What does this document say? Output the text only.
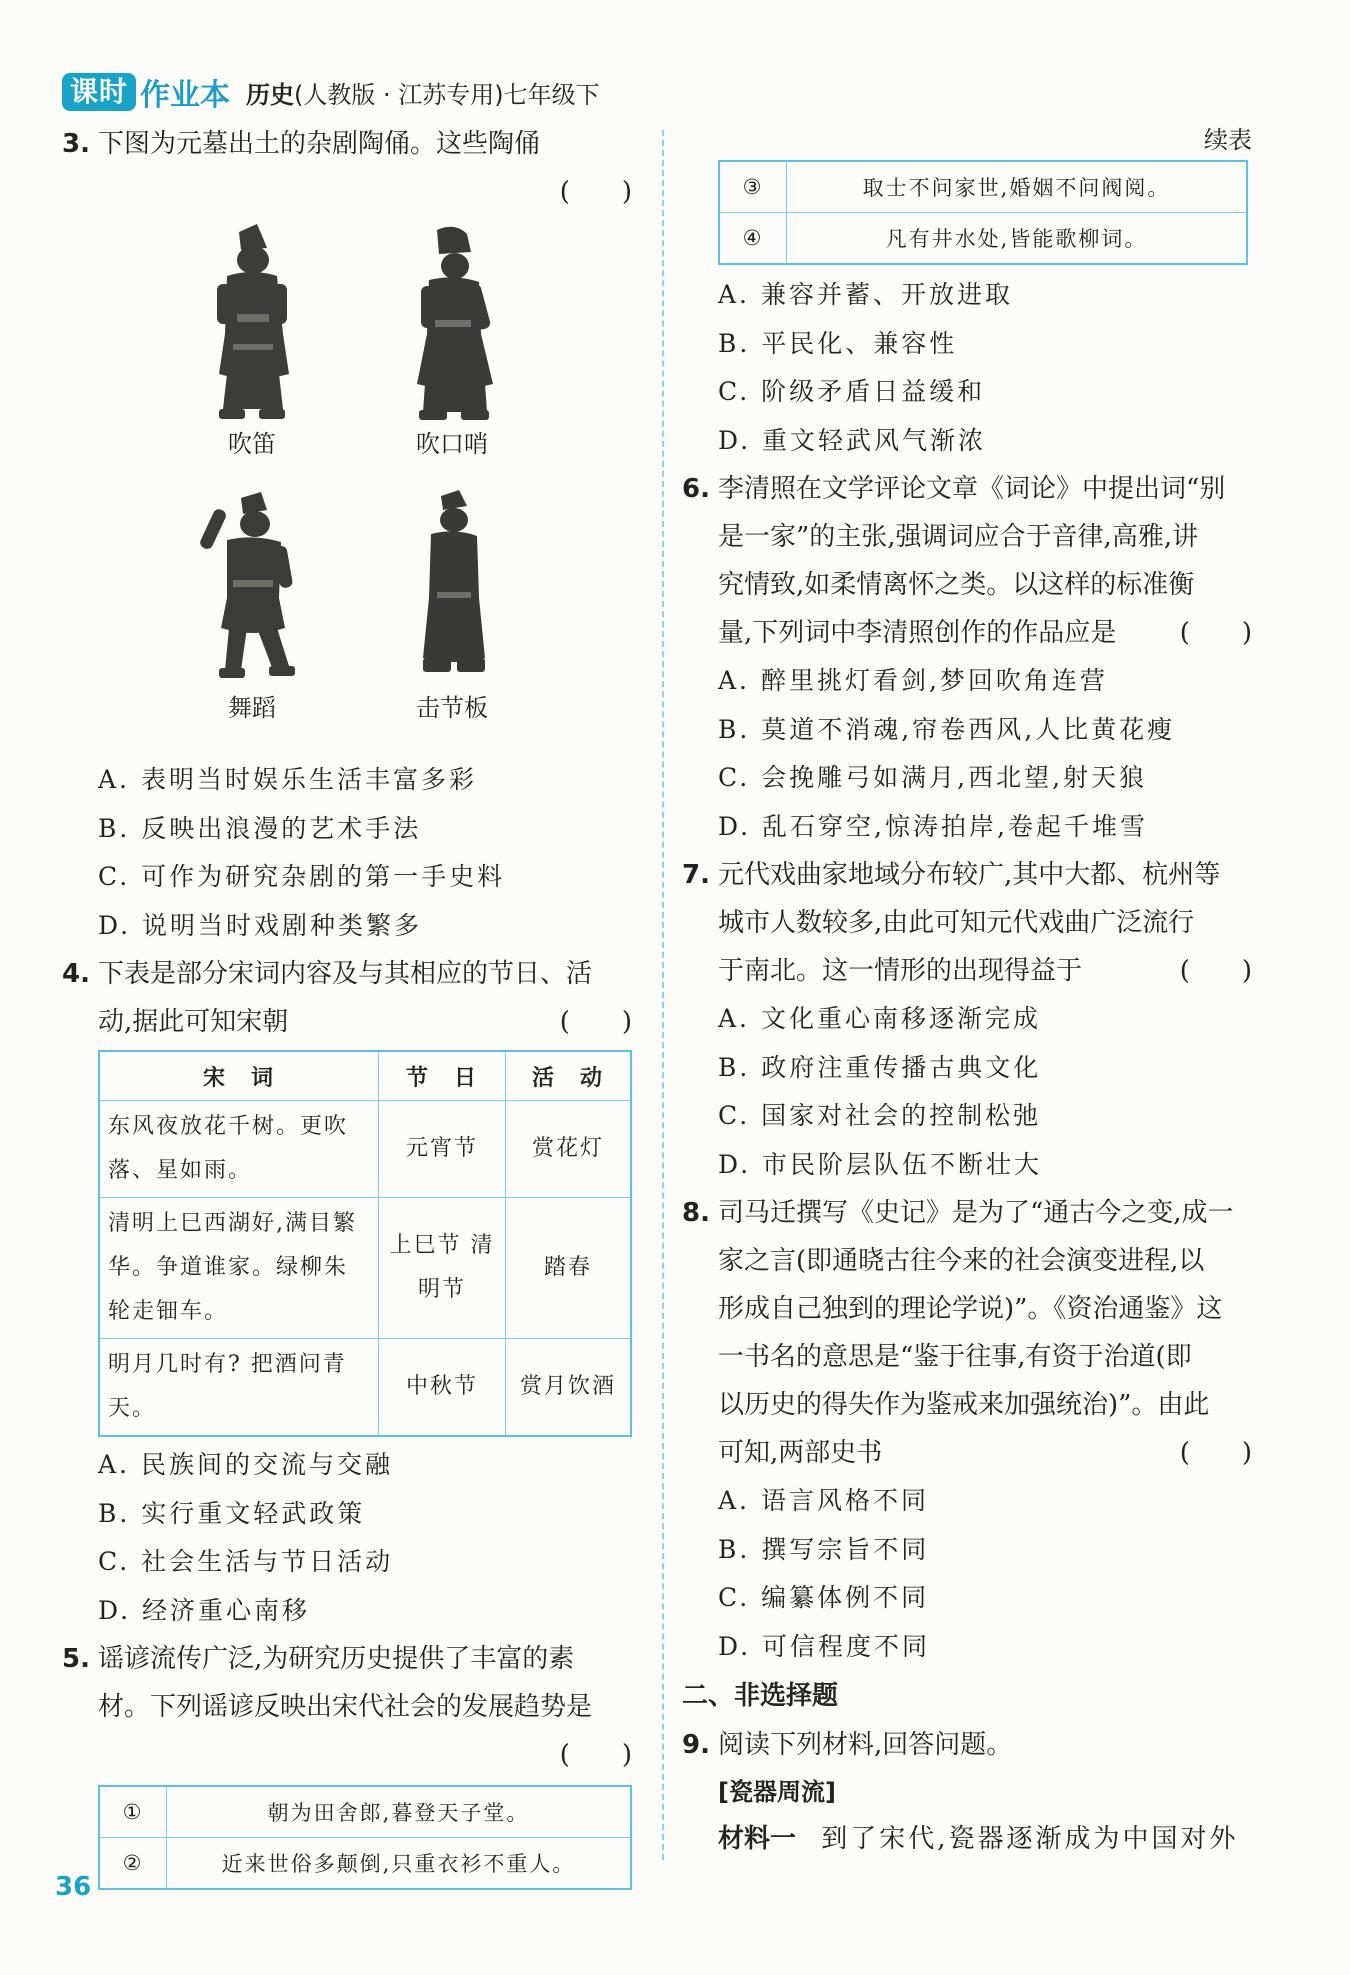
课时 作业本 历史(人教版 · 江苏专用)七年级下
3. 下图为元墓出土的杂剧陶俑。这些陶俑
(　　)
吹笛	吹口哨
舞蹈	击节板
A. 表明当时娱乐生活丰富多彩
B. 反映出浪漫的艺术手法
C. 可作为研究杂剧的第一手史料
D. 说明当时戏剧种类繁多
4. 下表是部分宋词内容及与其相应的节日、活
动,据此可知宋朝	(　　)
宋　词	节　日	活　动
东风夜放花千树。更吹落、星如雨。	元宵节	赏花灯
清明上巳西湖好,满目繁华。争道谁家。绿柳朱轮走钿车。	上巳节 清明节	踏春
明月几时有? 把酒问青天。	中秋节	赏月饮酒
A. 民族间的交流与交融
B. 实行重文轻武政策
C. 社会生活与节日活动
D. 经济重心南移
5. 谣谚流传广泛,为研究历史提供了丰富的素
材。下列谣谚反映出宋代社会的发展趋势是
(　　)
①	朝为田舍郎,暮登天子堂。
②	近来世俗多颠倒,只重衣衫不重人。
续表
③	取士不问家世,婚姻不问阀阅。
④	凡有井水处,皆能歌柳词。
A. 兼容并蓄、开放进取
B. 平民化、兼容性
C. 阶级矛盾日益缓和
D. 重文轻武风气渐浓
6. 李清照在文学评论文章《词论》中提出词“别
是一家”的主张,强调词应合于音律,高雅,讲
究情致,如柔情离怀之类。以这样的标准衡
量,下列词中李清照创作的作品应是 (　　)
A. 醉里挑灯看剑,梦回吹角连营
B. 莫道不消魂,帘卷西风,人比黄花瘦
C. 会挽雕弓如满月,西北望,射天狼
D. 乱石穿空,惊涛拍岸,卷起千堆雪
7. 元代戏曲家地域分布较广,其中大都、杭州等
城市人数较多,由此可知元代戏曲广泛流行
于南北。这一情形的出现得益于	(　　)
A. 文化重心南移逐渐完成
B. 政府注重传播古典文化
C. 国家对社会的控制松弛
D. 市民阶层队伍不断壮大
8. 司马迁撰写《史记》是为了“通古今之变,成一
家之言(即通晓古往今来的社会演变进程,以
形成自己独到的理论学说)”。《资治通鉴》这
一书名的意思是“鉴于往事,有资于治道(即
以历史的得失作为鉴戒来加强统治)”。由此
可知,两部史书	(　　)
A. 语言风格不同
B. 撰写宗旨不同
C. 编纂体例不同
D. 可信程度不同
二、非选择题
9. 阅读下列材料,回答问题。
[瓷器周流]
材料一 到了宋代,瓷器逐渐成为中国对外
36
